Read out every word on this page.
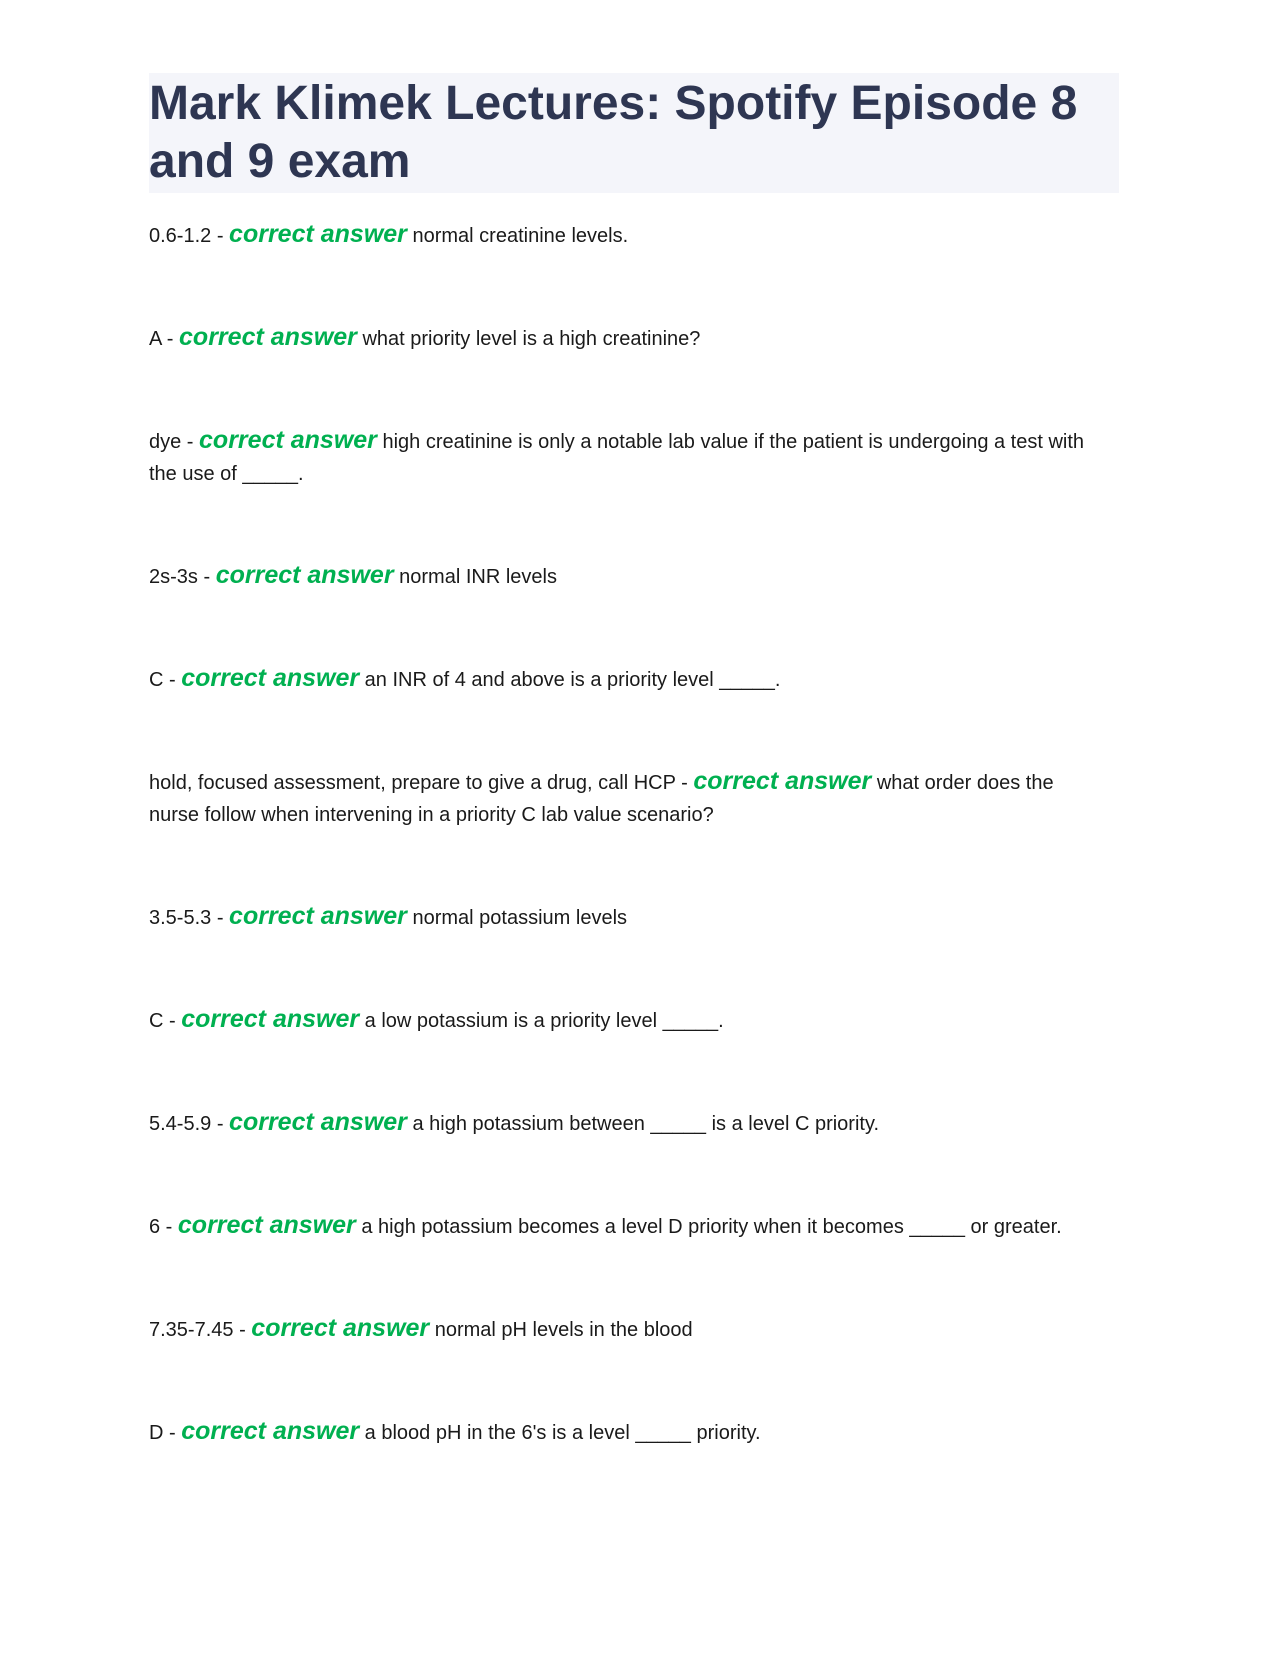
Mark Klimek Lectures: Spotify Episode 8 and 9 exam
0.6-1.2 - correct answer normal creatinine levels.
A - correct answer what priority level is a high creatinine?
dye - correct answer high creatinine is only a notable lab value if the patient is undergoing a test with the use of _____.
2s-3s - correct answer normal INR levels
C - correct answer an INR of 4 and above is a priority level _____.
hold, focused assessment, prepare to give a drug, call HCP - correct answer what order does the nurse follow when intervening in a priority C lab value scenario?
3.5-5.3 - correct answer normal potassium levels
C - correct answer a low potassium is a priority level _____.
5.4-5.9 - correct answer a high potassium between _____ is a level C priority.
6 - correct answer a high potassium becomes a level D priority when it becomes _____ or greater.
7.35-7.45 - correct answer normal pH levels in the blood
D - correct answer a blood pH in the 6's is a level _____ priority.
